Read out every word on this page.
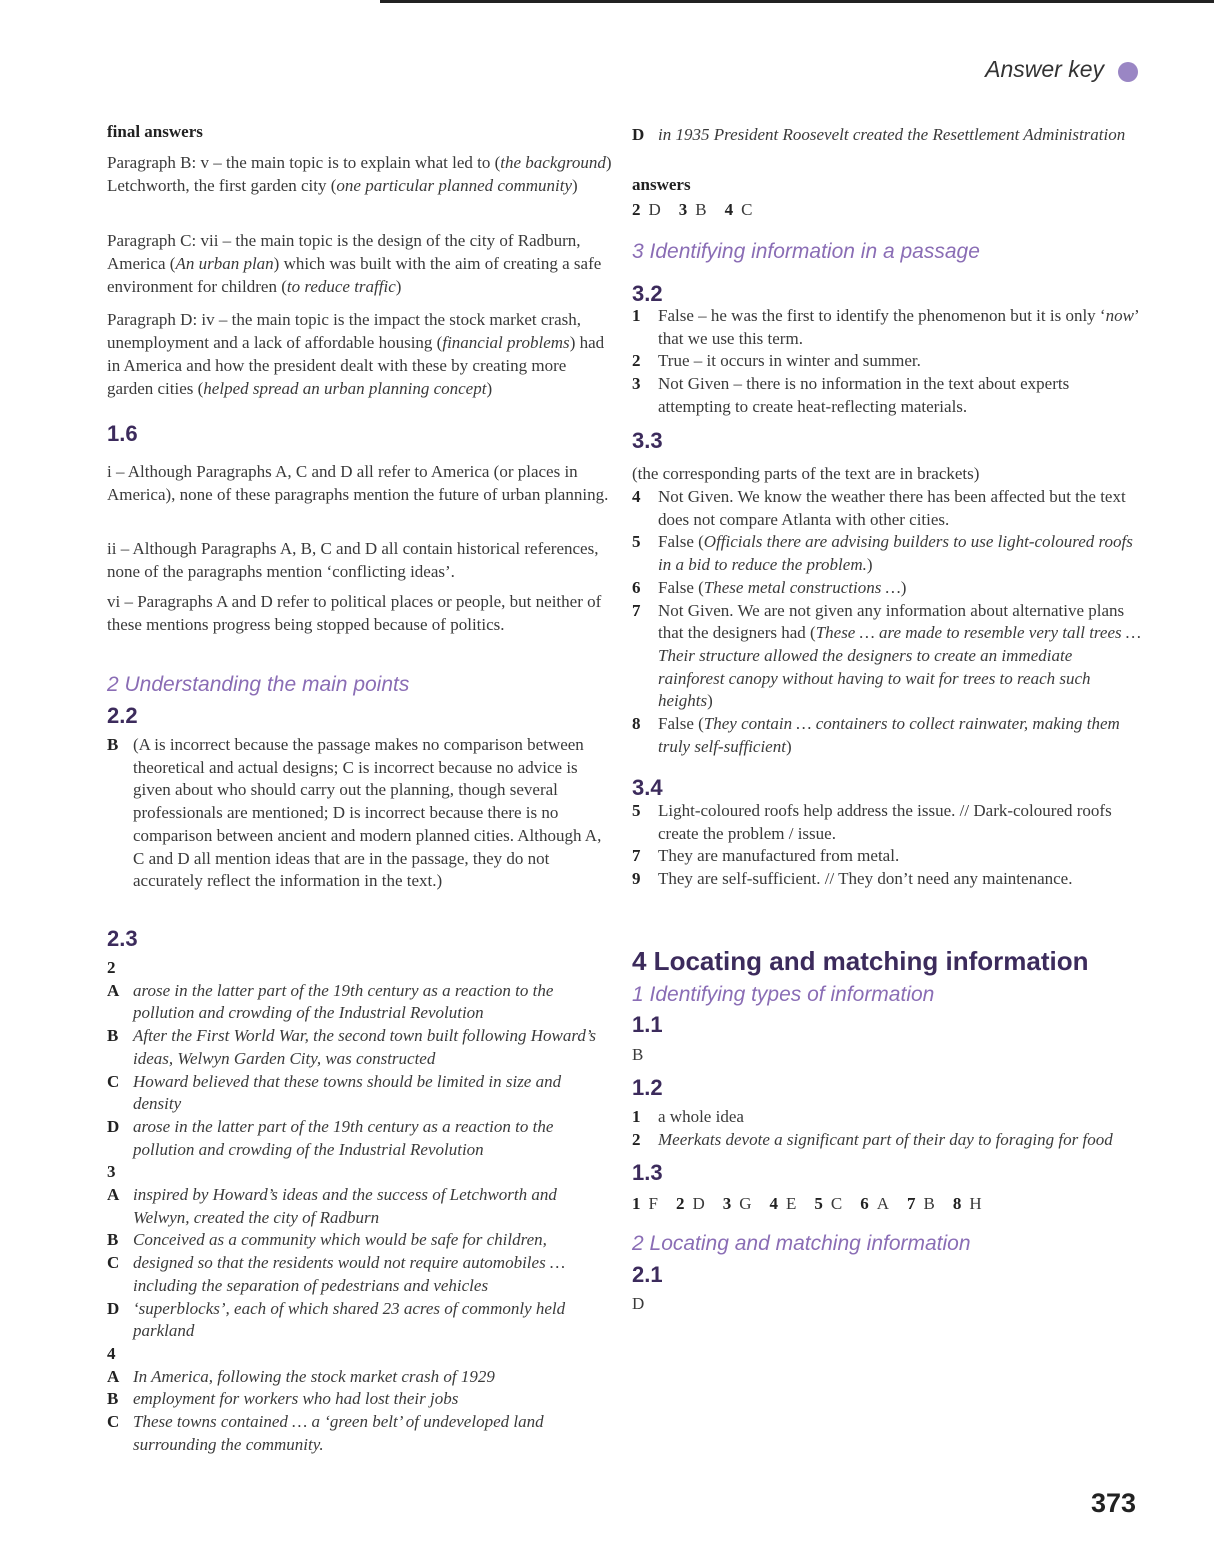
Answer key
final answers
Paragraph B: v – the main topic is to explain what led to (the background) Letchworth, the first garden city (one particular planned community)
Paragraph C: vii – the main topic is the design of the city of Radburn, America (An urban plan) which was built with the aim of creating a safe environment for children (to reduce traffic)
Paragraph D: iv – the main topic is the impact the stock market crash, unemployment and a lack of affordable housing (financial problems) had in America and how the president dealt with these by creating more garden cities (helped spread an urban planning concept)
1.6
i – Although Paragraphs A, C and D all refer to America (or places in America), none of these paragraphs mention the future of urban planning.
ii – Although Paragraphs A, B, C and D all contain historical references, none of the paragraphs mention ‘conflicting ideas’.
vi – Paragraphs A and D refer to political places or people, but neither of these mentions progress being stopped because of politics.
2 Understanding the main points
2.2
B (A is incorrect because the passage makes no comparison between theoretical and actual designs; C is incorrect because no advice is given about who should carry out the planning, though several professionals are mentioned; D is incorrect because there is no comparison between ancient and modern planned cities. Although A, C and D all mention ideas that are in the passage, they do not accurately reflect the information in the text.)
2.3
2
A arose in the latter part of the 19th century as a reaction to the pollution and crowding of the Industrial Revolution
B After the First World War, the second town built following Howard’s ideas, Welwyn Garden City, was constructed
C Howard believed that these towns should be limited in size and density
D arose in the latter part of the 19th century as a reaction to the pollution and crowding of the Industrial Revolution
3
A inspired by Howard’s ideas and the success of Letchworth and Welwyn, created the city of Radburn
B Conceived as a community which would be safe for children,
C designed so that the residents would not require automobiles … including the separation of pedestrians and vehicles
D ‘superblocks’, each of which shared 23 acres of commonly held parkland
4
A In America, following the stock market crash of 1929
B employment for workers who had lost their jobs
C These towns contained … a ‘green belt’ of undeveloped land surrounding the community.
D in 1935 President Roosevelt created the Resettlement Administration
answers
2 D 3 B 4 C
3 Identifying information in a passage
3.2
1	False – he was the first to identify the phenomenon but it is only ‘now’ that we use this term.
2	True – it occurs in winter and summer.
3	Not Given – there is no information in the text about experts attempting to create heat-reflecting materials.
3.3
(the corresponding parts of the text are in brackets)
4	Not Given. We know the weather there has been affected but the text does not compare Atlanta with other cities.
5	False (Officials there are advising builders to use light-coloured roofs in a bid to reduce the problem.)
6	False (These metal constructions …)
7	Not Given. We are not given any information about alternative plans that the designers had (These … are made to resemble very tall trees … Their structure allowed the designers to create an immediate rainforest canopy without having to wait for trees to reach such heights)
8	False (They contain … containers to collect rainwater, making them truly self-sufficient)
3.4
5	Light-coloured roofs help address the issue. // Dark-coloured roofs create the problem / issue.
7	They are manufactured from metal.
9	They are self-sufficient. // They don’t need any maintenance.
4 Locating and matching information
1 Identifying types of information
1.1
B
1.2
1	a whole idea
2	Meerkats devote a significant part of their day to foraging for food
1.3
1 F 2 D 3 G 4 E 5 C 6 A 7 B 8 H
2 Locating and matching information
2.1
D
373
